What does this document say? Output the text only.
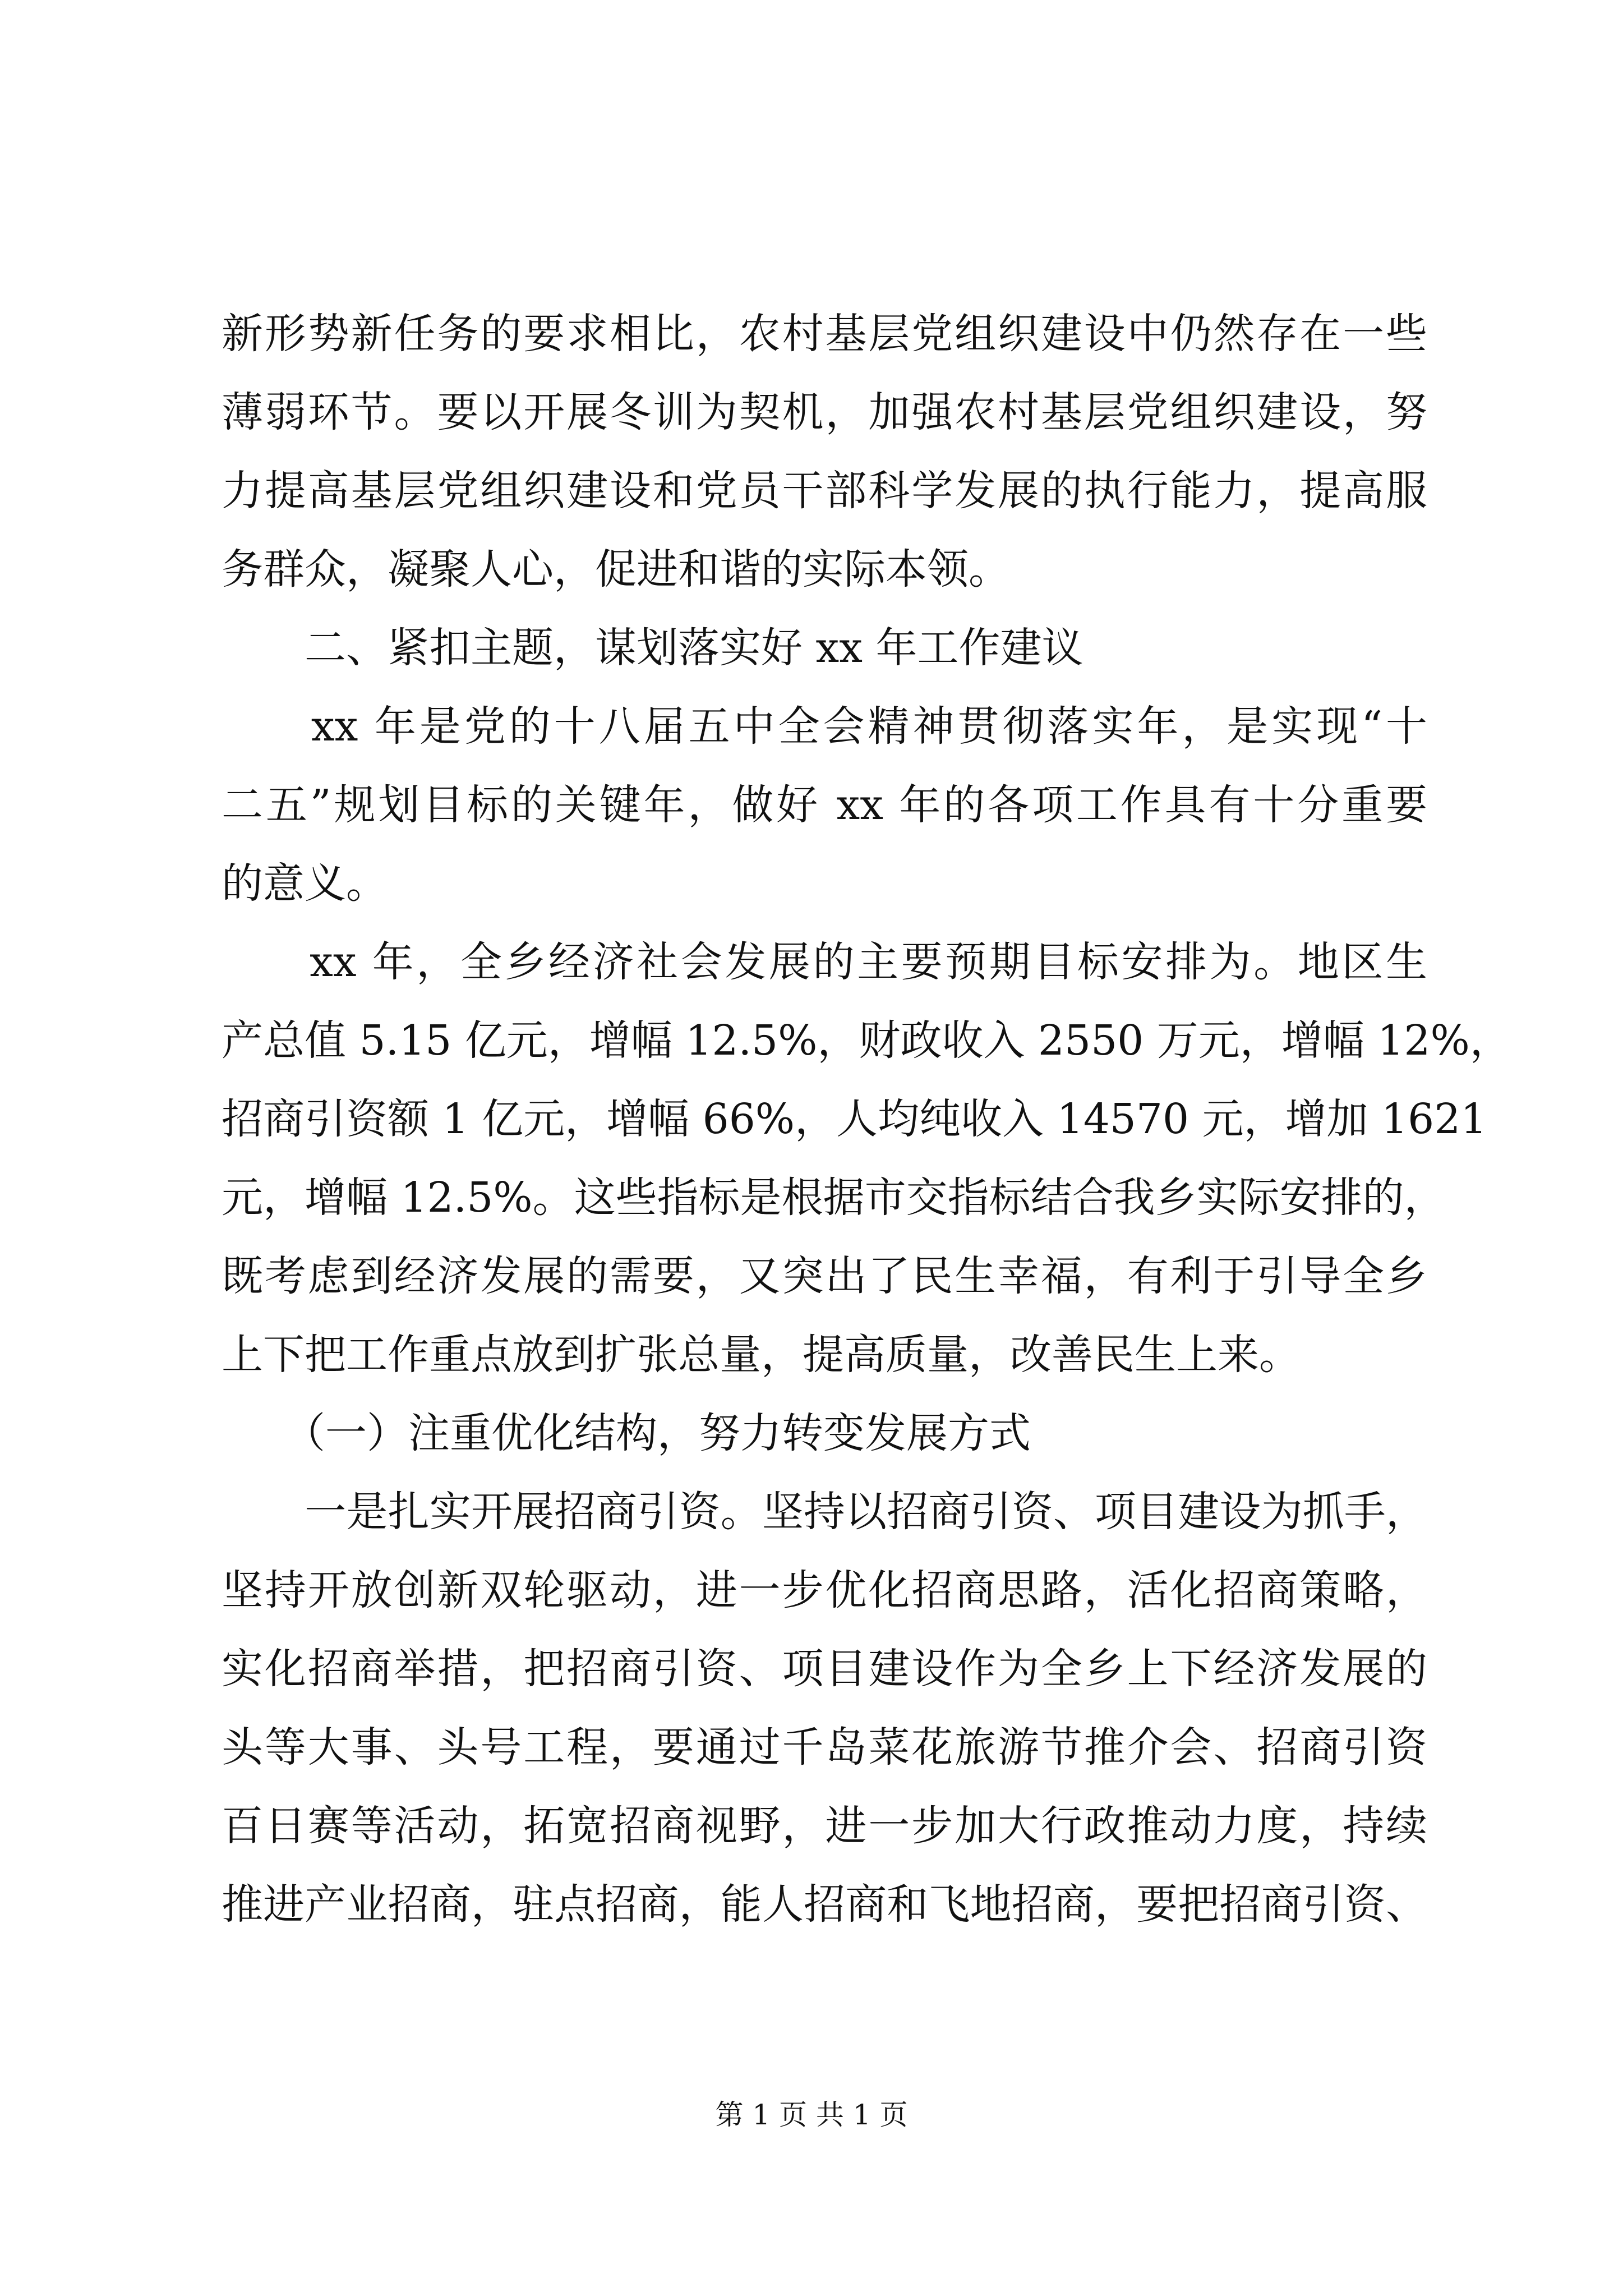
新形势新任务的要求相比，农村基层党组织建设中仍然存在一些
薄弱环节。要以开展冬训为契机，加强农村基层党组织建设，努
力提高基层党组织建设和党员干部科学发展的执行能力，提高服
务群众，凝聚人心，促进和谐的实际本领。
　　二、紧扣主题，谋划落实好 xx 年工作建议
　　xx 年是党的十八届五中全会精神贯彻落实年，是实现“十
二五”规划目标的关键年，做好 xx 年的各项工作具有十分重要
的意义。
　　xx 年，全乡经济社会发展的主要预期目标安排为。地区生
产总值 5.15 亿元，增幅 12.5%，财政收入 2550 万元，增幅 12%，
招商引资额 1 亿元，增幅 66%，人均纯收入 14570 元，增加 1621
元，增幅 12.5%。这些指标是根据市交指标结合我乡实际安排的，
既考虑到经济发展的需要，又突出了民生幸福，有利于引导全乡
上下把工作重点放到扩张总量，提高质量，改善民生上来。
　　（一）注重优化结构，努力转变发展方式
　　一是扎实开展招商引资。坚持以招商引资、项目建设为抓手，
坚持开放创新双轮驱动，进一步优化招商思路，活化招商策略，
实化招商举措，把招商引资、项目建设作为全乡上下经济发展的
头等大事、头号工程，要通过千岛菜花旅游节推介会、招商引资
百日赛等活动，拓宽招商视野，进一步加大行政推动力度，持续
推进产业招商，驻点招商，能人招商和飞地招商，要把招商引资、
第 1 页 共 1 页
